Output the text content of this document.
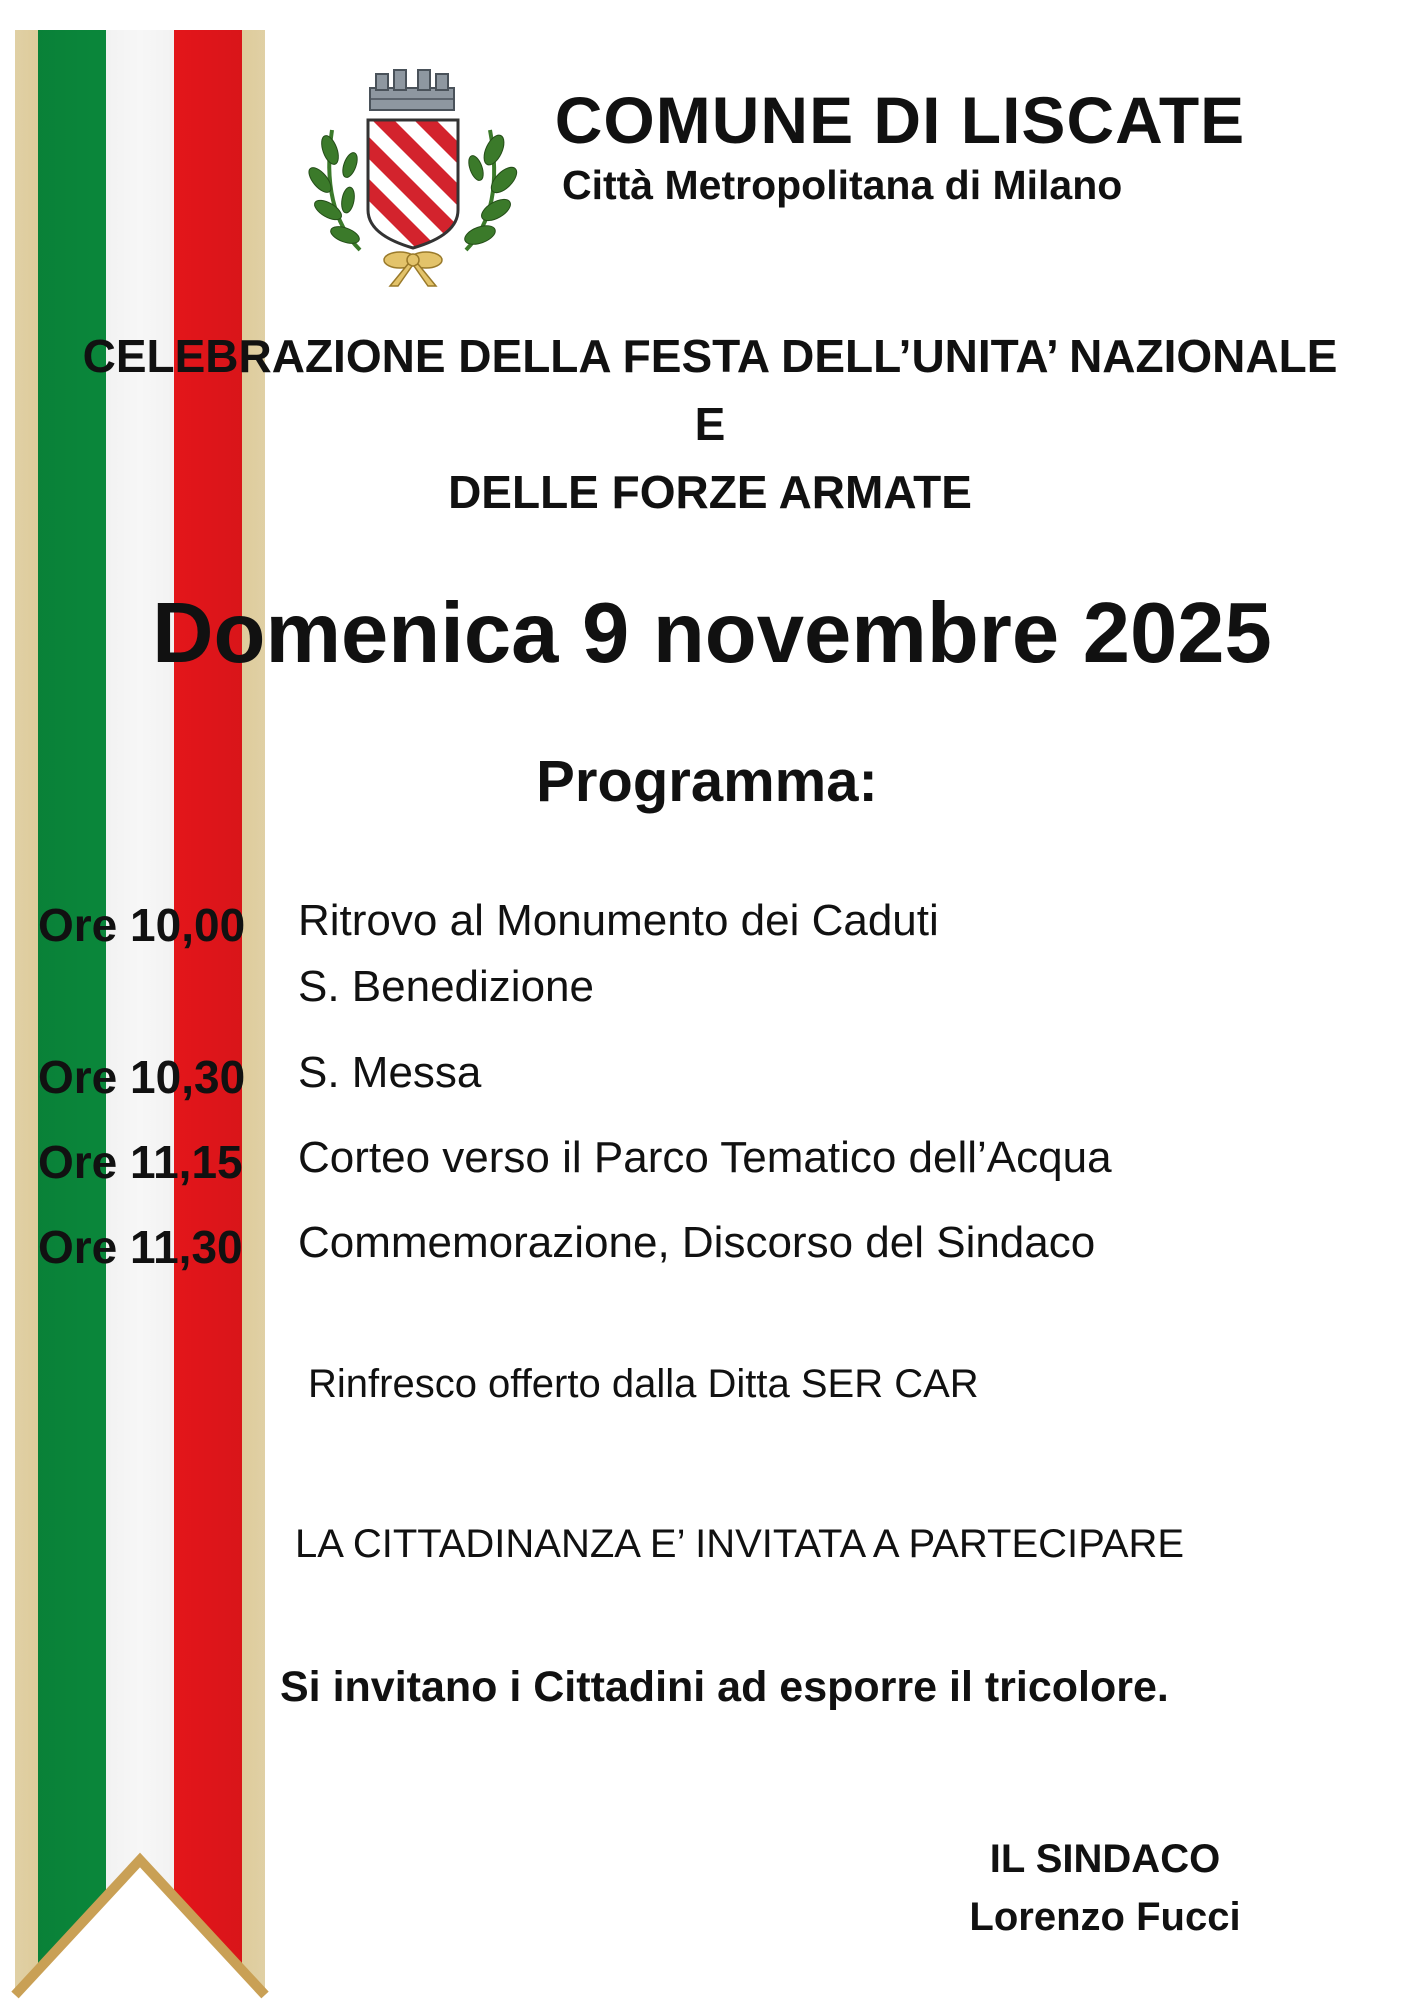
COMUNE DI LISCATE
Città Metropolitana di Milano
CELEBRAZIONE DELLA FESTA DELL’UNITA’ NAZIONALE
E
DELLE FORZE ARMATE
Domenica 9 novembre 2025
Programma:
Ore 10,00 Ritrovo al Monumento dei Caduti
S. Benedizione
Ore 10,30 S. Messa
Ore 11,15 Corteo verso il Parco Tematico dell’Acqua
Ore 11,30 Commemorazione, Discorso del Sindaco
Rinfresco offerto dalla Ditta SER CAR
LA CITTADINANZA E’ INVITATA A PARTECIPARE
Si invitano i Cittadini ad esporre il tricolore.
IL SINDACO
Lorenzo Fucci
